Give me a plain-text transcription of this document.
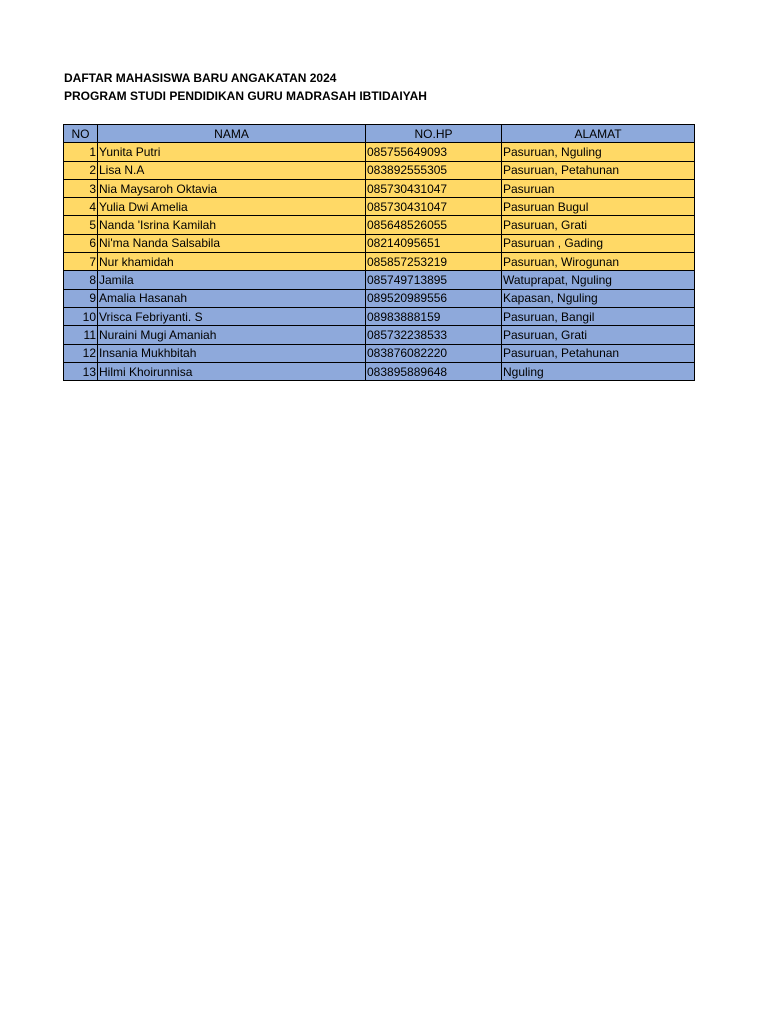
DAFTAR MAHASISWA BARU ANGAKATAN 2024
PROGRAM STUDI PENDIDIKAN GURU MADRASAH IBTIDAIYAH
NO	NAMA	NO.HP	ALAMAT
1	Yunita Putri	085755649093	Pasuruan, Nguling
2	Lisa N.A	083892555305	Pasuruan, Petahunan
3	Nia Maysaroh Oktavia	085730431047	Pasuruan
4	Yulia Dwi Amelia	085730431047	Pasuruan Bugul
5	Nanda 'Isrina Kamilah	085648526055	Pasuruan, Grati
6	Ni'ma Nanda Salsabila	08214095651	Pasuruan , Gading
7	Nur khamidah	085857253219	Pasuruan, Wirogunan
8	Jamila	085749713895	Watuprapat, Nguling
9	Amalia Hasanah	089520989556	Kapasan, Nguling
10	Vrisca Febriyanti. S	08983888159	Pasuruan, Bangil
11	Nuraini Mugi Amaniah	085732238533	Pasuruan, Grati
12	Insania Mukhbitah	083876082220	Pasuruan, Petahunan
13	Hilmi Khoirunnisa	083895889648	Nguling
